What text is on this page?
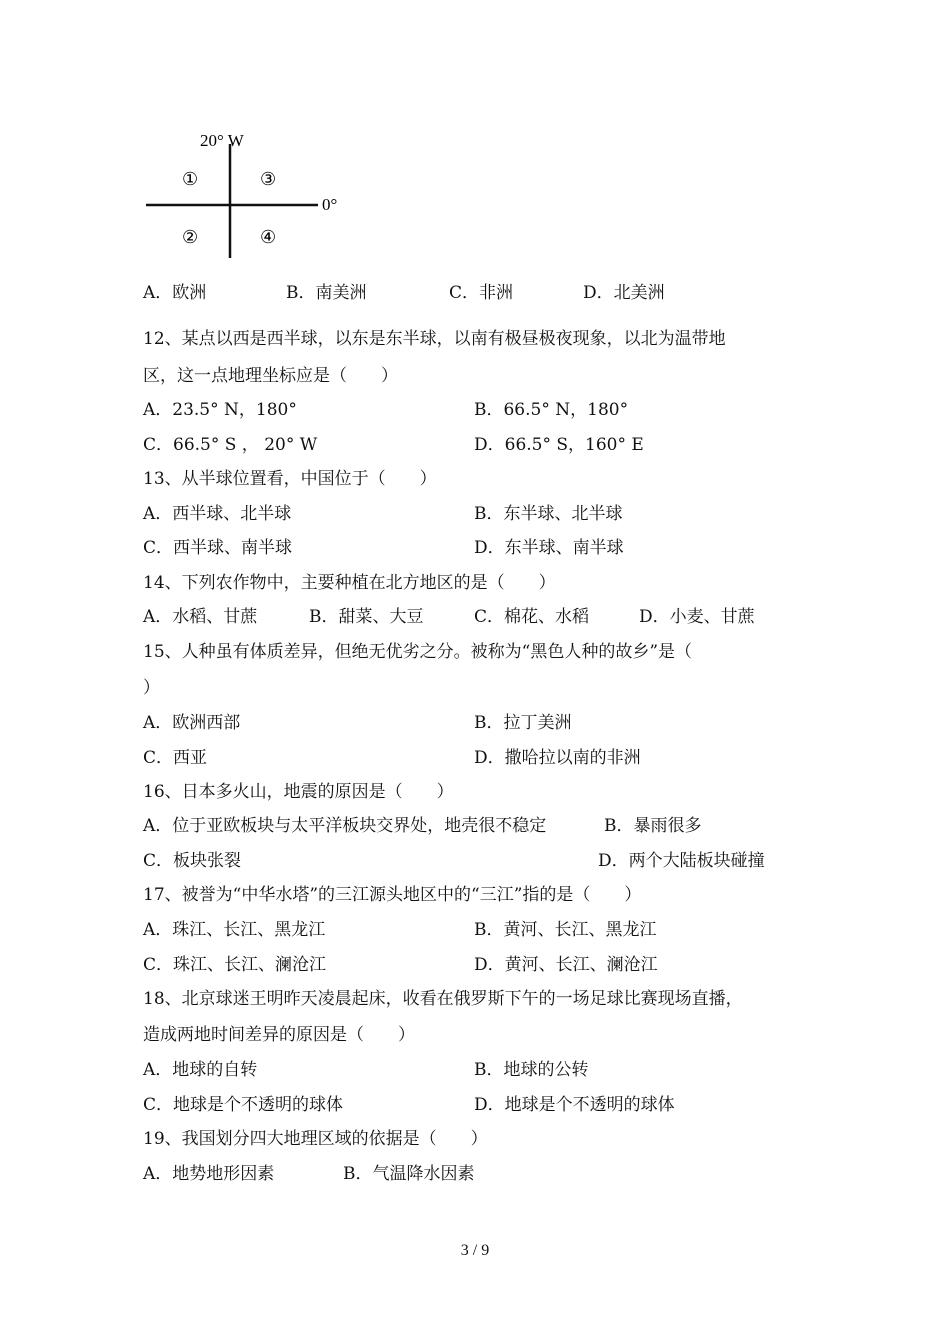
20° W
0°
①
②
③
④
A．欧洲	B．南美洲	C．非洲	D．北美洲
12、某点以西是西半球，以东是东半球，以南有极昼极夜现象，以北为温带地
区，这一点地理坐标应是（　　）
A．23.5° N，180°	B．66.5° N，180°
C．66.5° S ， 20° W	D．66.5° S，160° E
13、从半球位置看，中国位于（　　）
A．西半球、北半球	B．东半球、北半球
C．西半球、南半球	D．东半球、南半球
14、下列农作物中，主要种植在北方地区的是（　　）
A．水稻、甘蔗	B．甜菜、大豆	C．棉花、水稻	D．小麦、甘蔗
15、人种虽有体质差异，但绝无优劣之分。被称为“黑色人种的故乡”是（
）
A．欧洲西部	B．拉丁美洲
C．西亚	D．撒哈拉以南的非洲
16、日本多火山，地震的原因是（　　）
A．位于亚欧板块与太平洋板块交界处，地壳很不稳定	B．暴雨很多
C．板块张裂	D．两个大陆板块碰撞
17、被誉为“中华水塔”的三江源头地区中的“三江”指的是（　　）
A．珠江、长江、黑龙江	B．黄河、长江、黑龙江
C．珠江、长江、澜沧江	D．黄河、长江、澜沧江
18、北京球迷王明昨天凌晨起床，收看在俄罗斯下午的一场足球比赛现场直播，
造成两地时间差异的原因是（　　）
A．地球的自转	B．地球的公转
C．地球是个不透明的球体	D．地球是个不透明的球体
19、我国划分四大地理区域的依据是（　　）
A．地势地形因素	B．气温降水因素
3 / 9
